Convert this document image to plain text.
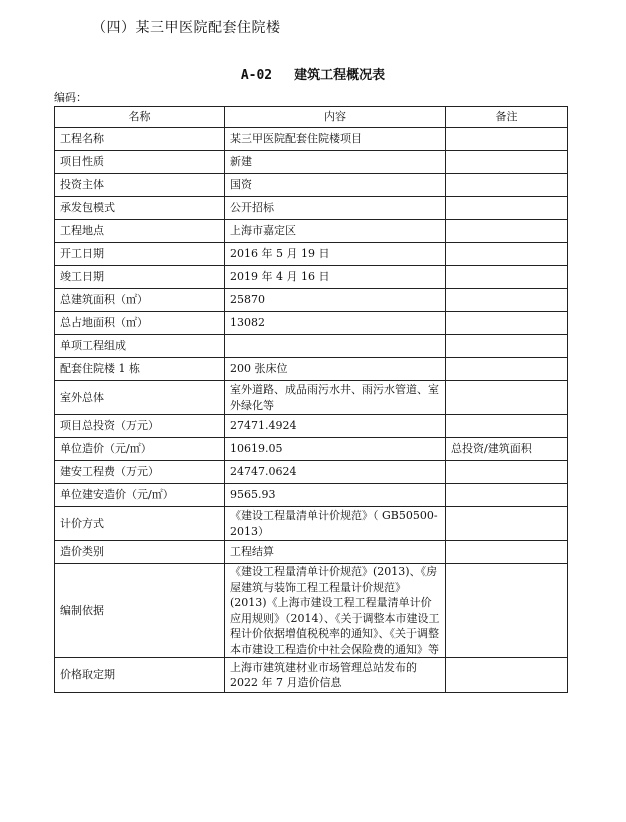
（四）某三甲医院配套住院楼
A-02 建筑工程概况表
编码：
名称	内容	备注
工程名称	某三甲医院配套住院楼项目	
项目性质	新建	
投资主体	国资	
承发包模式	公开招标	
工程地点	上海市嘉定区	
开工日期	2016 年 5 月 19 日	
竣工日期	2019 年 4 月 16 日	
总建筑面积（㎡）	25870	
总占地面积（㎡）	13082	
单项工程组成		
配套住院楼 1 栋	200 张床位	
室外总体	室外道路、成品雨污水井、雨污水管道、室外绿化等	
项目总投资（万元）	27471.4924	
单位造价（元/㎡）	10619.05	总投资/建筑面积
建安工程费（万元）	24747.0624	
单位建安造价（元/㎡）	9565.93	
计价方式	《建设工程量清单计价规范》（ GB50500-2013）	
造价类别	工程结算	
编制依据	《建设工程量清单计价规范》(2013)、《房屋建筑与装饰工程工程量计价规范》(2013)《上海市建设工程工程量清单计价应用规则》（2014）、《关于调整本市建设工程计价依据增值税税率的通知》、《关于调整本市建设工程造价中社会保险费的通知》等	
价格取定期	上海市建筑建材业市场管理总站发布的 2022 年 7 月造价信息	
